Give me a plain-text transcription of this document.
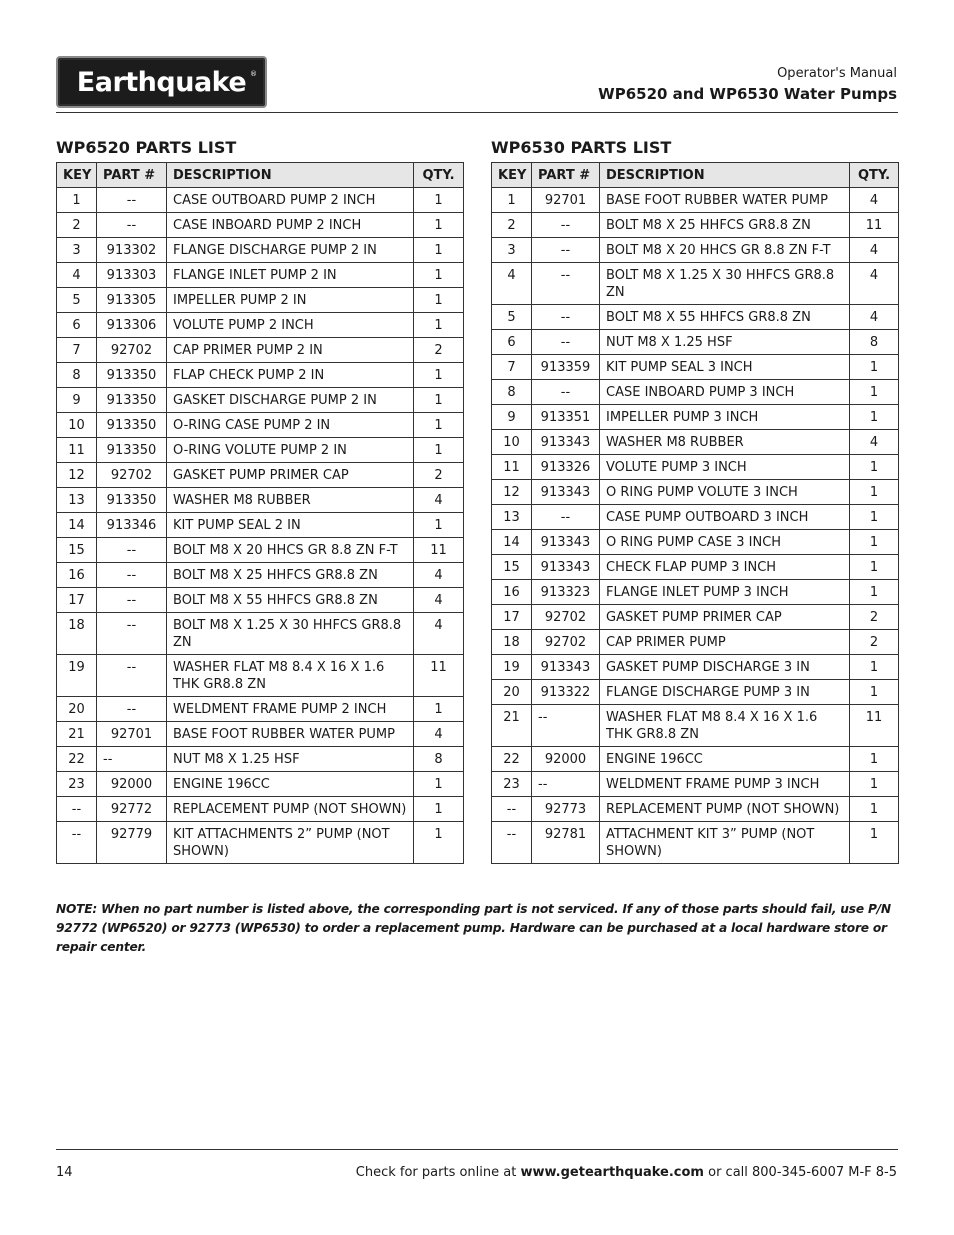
Earthquake ®	Operator's Manual
WP6520 and WP6530 Water Pumps
WP6520 PARTS LIST	WP6530 PARTS LIST
KEY	PART #	DESCRIPTION	QTY.
1	--	CASE OUTBOARD PUMP 2 INCH	1
2	--	CASE INBOARD PUMP 2 INCH	1
3	913302	FLANGE DISCHARGE PUMP 2 IN	1
4	913303	FLANGE INLET PUMP 2 IN	1
5	913305	IMPELLER PUMP 2 IN	1
6	913306	VOLUTE PUMP 2 INCH	1
7	92702	CAP PRIMER PUMP 2 IN	2
8	913350	FLAP CHECK PUMP 2 IN	1
9	913350	GASKET DISCHARGE PUMP 2 IN	1
10	913350	O-RING CASE PUMP 2 IN	1
11	913350	O-RING VOLUTE PUMP 2 IN	1
12	92702	GASKET PUMP PRIMER CAP	2
13	913350	WASHER M8 RUBBER	4
14	913346	KIT PUMP SEAL 2 IN	1
15	--	BOLT M8 X 20 HHCS GR 8.8 ZN F-T	11
16	--	BOLT M8 X 25 HHFCS GR8.8 ZN	4
17	--	BOLT M8 X 55 HHFCS GR8.8 ZN	4
18	--	BOLT M8 X 1.25 X 30 HHFCS GR8.8 ZN	4
19	--	WASHER FLAT M8 8.4 X 16 X 1.6 THK GR8.8 ZN	11
20	--	WELDMENT FRAME PUMP 2 INCH	1
21	92701	BASE FOOT RUBBER WATER PUMP	4
22	--	NUT M8 X 1.25 HSF	8
23	92000	ENGINE 196CC	1
--	92772	REPLACEMENT PUMP (NOT SHOWN)	1
--	92779	KIT ATTACHMENTS 2” PUMP (NOT SHOWN)	1
KEY	PART #	DESCRIPTION	QTY.
1	92701	BASE FOOT RUBBER WATER PUMP	4
2	--	BOLT M8 X 25 HHFCS GR8.8 ZN	11
3	--	BOLT M8 X 20 HHCS GR 8.8 ZN F-T	4
4	--	BOLT M8 X 1.25 X 30 HHFCS GR8.8 ZN	4
5	--	BOLT M8 X 55 HHFCS GR8.8 ZN	4
6	--	NUT M8 X 1.25 HSF	8
7	913359	KIT PUMP SEAL 3 INCH	1
8	--	CASE INBOARD PUMP 3 INCH	1
9	913351	IMPELLER PUMP 3 INCH	1
10	913343	WASHER M8 RUBBER	4
11	913326	VOLUTE PUMP 3 INCH	1
12	913343	O RING PUMP VOLUTE 3 INCH	1
13	--	CASE PUMP OUTBOARD 3 INCH	1
14	913343	O RING PUMP CASE 3 INCH	1
15	913343	CHECK FLAP PUMP 3 INCH	1
16	913323	FLANGE INLET PUMP 3 INCH	1
17	92702	GASKET PUMP PRIMER CAP	2
18	92702	CAP PRIMER PUMP	2
19	913343	GASKET PUMP DISCHARGE 3 IN	1
20	913322	FLANGE DISCHARGE PUMP 3 IN	1
21	--	WASHER FLAT M8 8.4 X 16 X 1.6 THK GR8.8 ZN	11
22	92000	ENGINE 196CC	1
23	--	WELDMENT FRAME PUMP 3 INCH	1
--	92773	REPLACEMENT PUMP (NOT SHOWN)	1
--	92781	ATTACHMENT KIT 3” PUMP (NOT SHOWN)	1
NOTE: When no part number is listed above, the corresponding part is not serviced. If any of those parts should fail, use P/N 92772 (WP6520) or 92773 (WP6530) to order a replacement pump. Hardware can be purchased at a local hardware store or repair center.
14	Check for parts online at www.getearthquake.com or call 800-345-6007 M-F 8-5
